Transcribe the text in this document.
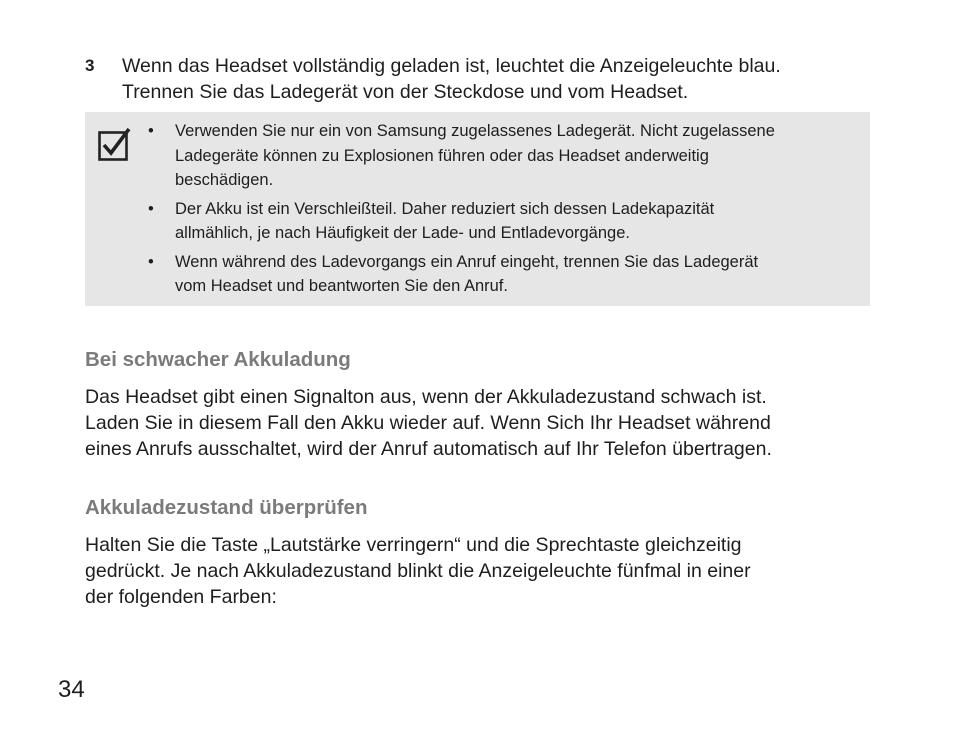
3 Wenn das Headset vollständig geladen ist, leuchtet die Anzeigeleuchte blau.
Trennen Sie das Ladegerät von der Steckdose und vom Headset.
• Verwenden Sie nur ein von Samsung zugelassenes Ladegerät. Nicht zugelassene
Ladegeräte können zu Explosionen führen oder das Headset anderweitig
beschädigen.
• Der Akku ist ein Verschleißteil. Daher reduziert sich dessen Ladekapazität
allmählich, je nach Häufigkeit der Lade- und Entladevorgänge.
• Wenn während des Ladevorgangs ein Anruf eingeht, trennen Sie das Ladegerät
vom Headset und beantworten Sie den Anruf.
Bei schwacher Akkuladung
Das Headset gibt einen Signalton aus, wenn der Akkuladezustand schwach ist.
Laden Sie in diesem Fall den Akku wieder auf. Wenn Sich Ihr Headset während
eines Anrufs ausschaltet, wird der Anruf automatisch auf Ihr Telefon übertragen.
Akkuladezustand überprüfen
Halten Sie die Taste „Lautstärke verringern“ und die Sprechtaste gleichzeitig
gedrückt. Je nach Akkuladezustand blinkt die Anzeigeleuchte fünfmal in einer
der folgenden Farben:
34
